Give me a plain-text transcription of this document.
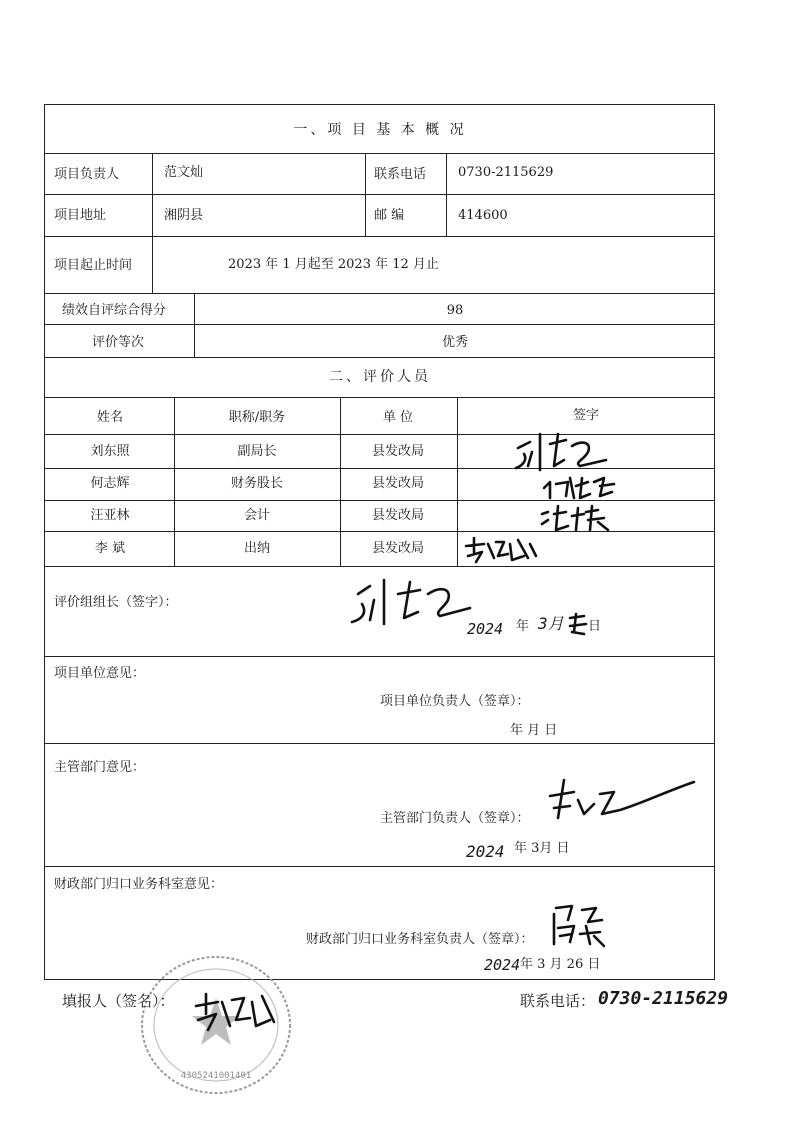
一、项 目 基 本 概 况
项目负责人	范文灿	联系电话 0730-2115629
项目地址	湘阴县	邮 编	414600
项目起止时间	2023 年 1 月起至 2023 年 12 月止
绩效自评综合得分	98
评价等次	优秀
二、评价人员
姓名	职称/职务	单 位	签字
刘东照	副局长	县发改局
何志辉	财务股长	县发改局
汪亚林	会计	县发改局
李 斌	出纳	县发改局
评价组组长（签字）：
2024 年 3月 日
项目单位意见：
项目单位负责人（签章）：
年 月 日
主管部门意见：
主管部门负责人（签章）：
2024 年 3月 日
财政部门归口业务科室意见：
财政部门归口业务科室负责人（签章）：
2024 年 3 月 26 日
4305241001401
填报人（签名）：	联系电话： 0730-2115629
